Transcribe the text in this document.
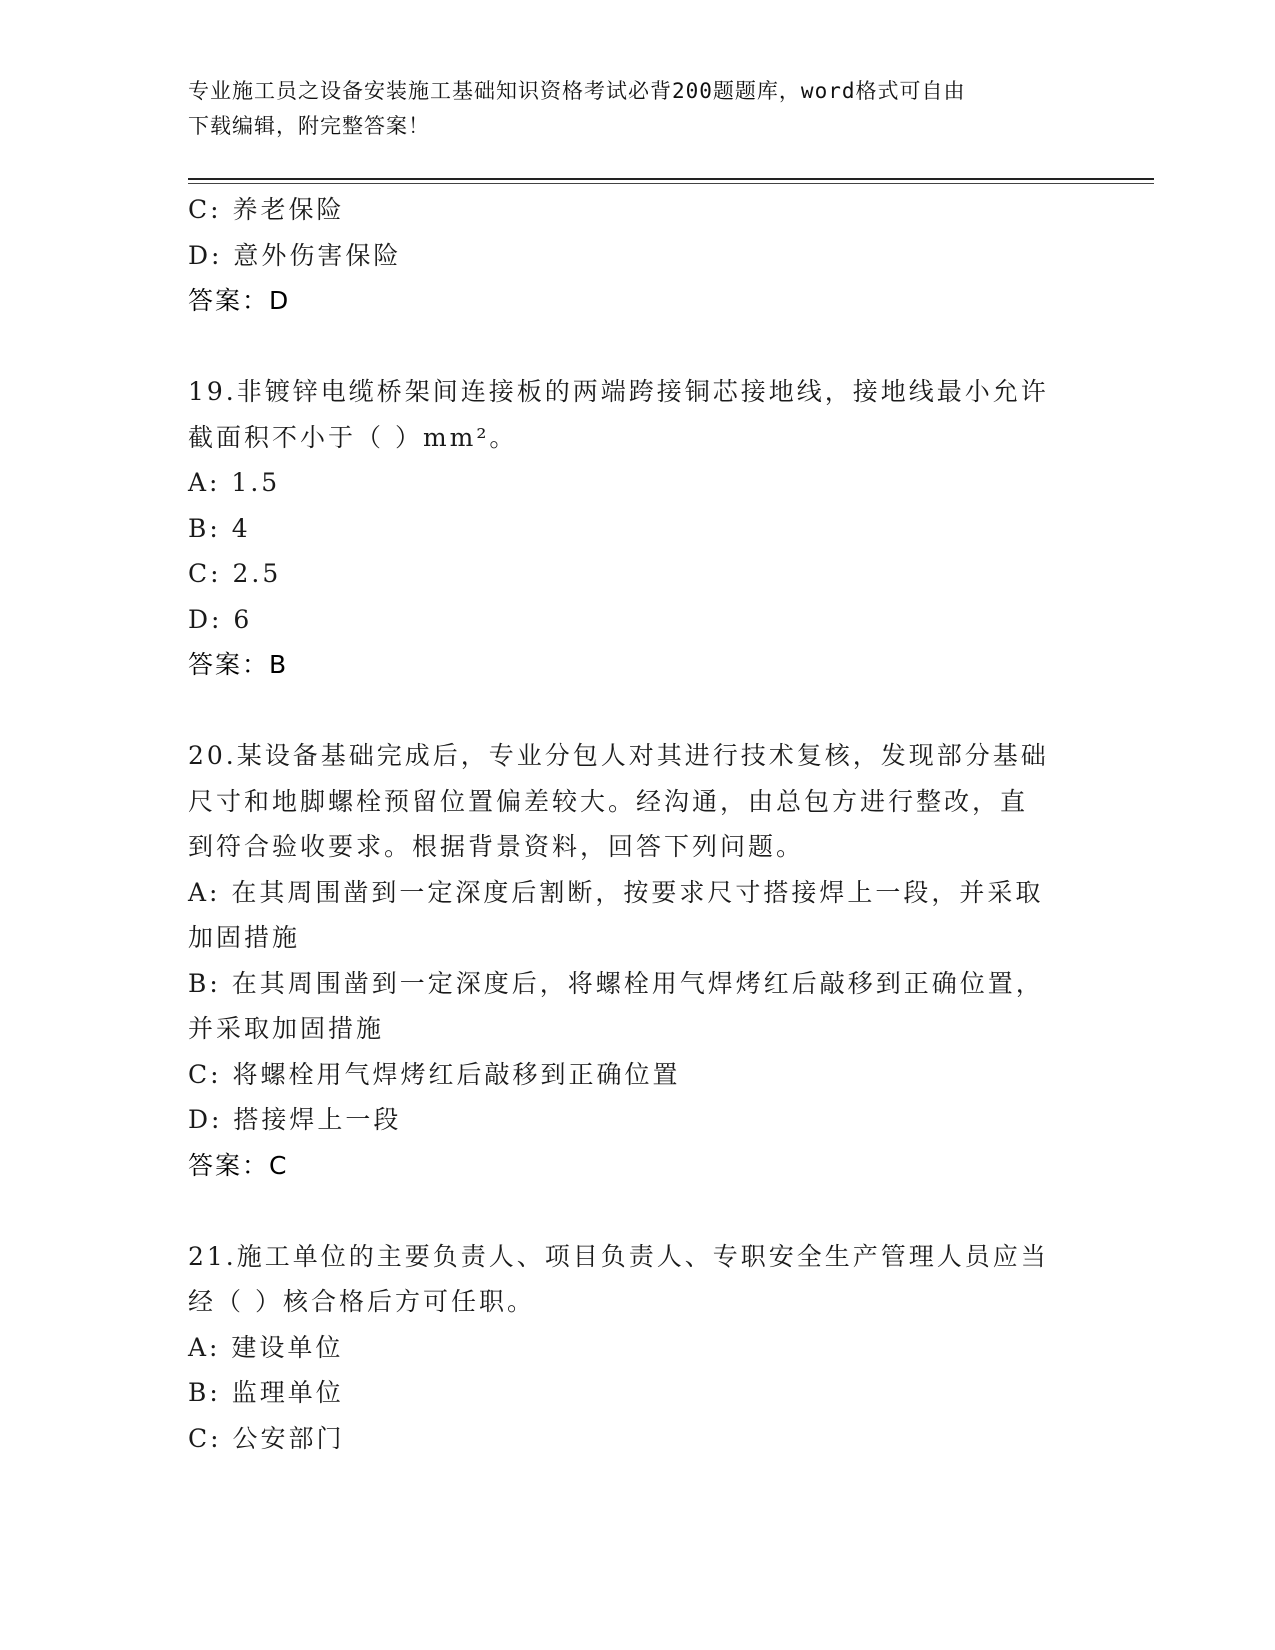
专业施工员之设备安装施工基础知识资格考试必背200题题库，word格式可自由
下载编辑，附完整答案！
C: 养老保险
D: 意外伤害保险
答案：D
19.非镀锌电缆桥架间连接板的两端跨接铜芯接地线，接地线最小允许
截面积不小于（ ）mm²。
A: 1.5
B: 4
C: 2.5
D: 6
答案：B
20.某设备基础完成后，专业分包人对其进行技术复核，发现部分基础
尺寸和地脚螺栓预留位置偏差较大。经沟通，由总包方进行整改，直
到符合验收要求。根据背景资料，回答下列问题。
A: 在其周围凿到一定深度后割断，按要求尺寸搭接焊上一段，并采取
加固措施
B: 在其周围凿到一定深度后，将螺栓用气焊烤红后敲移到正确位置，
并采取加固措施
C: 将螺栓用气焊烤红后敲移到正确位置
D: 搭接焊上一段
答案：C
21.施工单位的主要负责人、项目负责人、专职安全生产管理人员应当
经（ ）核合格后方可任职。
A: 建设单位
B: 监理单位
C: 公安部门
